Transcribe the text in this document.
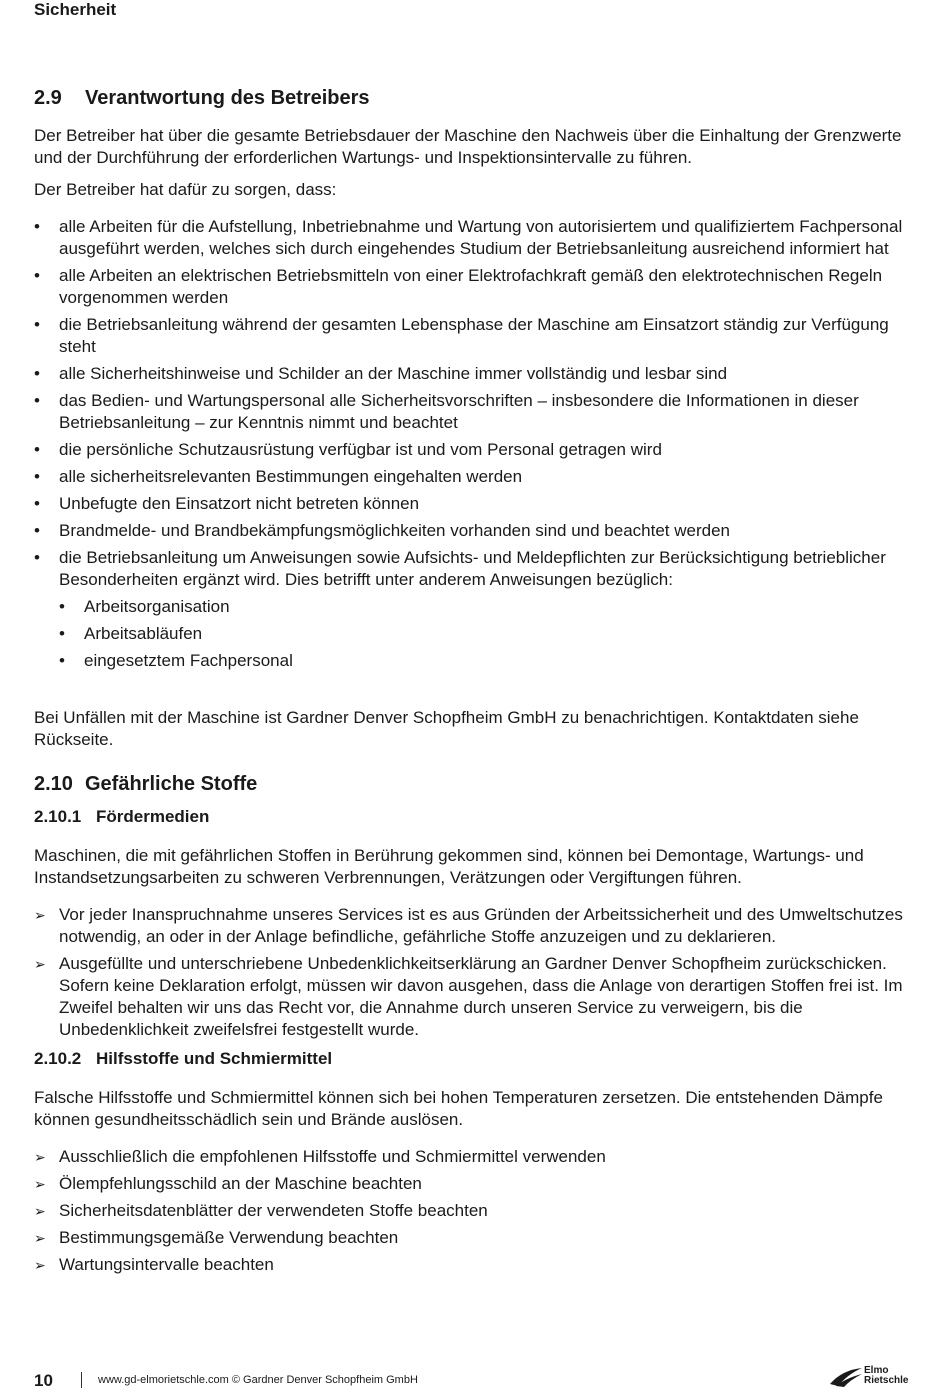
Sicherheit
2.9 Verantwortung des Betreibers

Der Betreiber hat über die gesamte Betriebsdauer der Maschine den Nachweis über die Einhaltung der Grenzwerte und der Durchführung der erforderlichen Wartungs- und Inspektionsintervalle zu führen.

Der Betreiber hat dafür zu sorgen, dass:

•
alle Arbeiten für die Aufstellung, Inbetriebnahme und Wartung von autorisiertem und qualifiziertem Fachpersonal ausgeführt werden, welches sich durch eingehendes Studium der Betriebsanleitung ausreichend informiert hat
•
alle Arbeiten an elektrischen Betriebsmitteln von einer Elektrofachkraft gemäß den elektrotechnischen Regeln vorgenommen werden
•
die Betriebsanleitung während der gesamten Lebensphase der Maschine am Einsatzort ständig zur Verfügung steht
•
alle Sicherheitshinweise und Schilder an der Maschine immer vollständig und lesbar sind
•
das Bedien- und Wartungspersonal alle Sicherheitsvorschriften – insbesondere die Informationen in dieser Betriebsanleitung – zur Kenntnis nimmt und beachtet
•
die persönliche Schutzausrüstung verfügbar ist und vom Personal getragen wird
•
alle sicherheitsrelevanten Bestimmungen eingehalten werden
•
Unbefugte den Einsatzort nicht betreten können
•
Brandmelde- und Brandbekämpfungsmöglichkeiten vorhanden sind und beachtet werden
•
die Betriebsanleitung um Anweisungen sowie Aufsichts- und Meldepflichten zur Berücksichtigung betrieblicher Besonderheiten ergänzt wird. Dies betrifft unter anderem Anweisungen bezüglich:
•
Arbeitsorganisation
•
Arbeitsabläufen
•
eingesetztem Fachpersonal

Bei Unfällen mit der Maschine ist Gardner Denver Schopfheim GmbH zu benachrichtigen. Kontaktdaten siehe Rückseite.

2.10 Gefährliche Stoffe
2.10.1 Fördermedien

Maschinen, die mit gefährlichen Stoffen in Berührung gekommen sind, können bei Demontage, Wartungs- und Instandsetzungsarbeiten zu schweren Verbrennungen, Verätzungen oder Vergiftungen führen.

➢ Vor jeder Inanspruchnahme unseres Services ist es aus Gründen der Arbeitssicherheit und des Umweltschutzes notwendig, an oder in der Anlage befindliche, gefährliche Stoffe anzuzeigen und zu deklarieren.
➢ Ausgefüllte und unterschriebene Unbedenklichkeitserklärung an Gardner Denver Schopfheim zurückschicken. Sofern keine Deklaration erfolgt, müssen wir davon ausgehen, dass die Anlage von derartigen Stoffen frei ist. Im Zweifel behalten wir uns das Recht vor, die Annahme durch unseren Service zu verweigern, bis die Unbedenklichkeit zweifelsfrei festgestellt wurde.
2.10.2 Hilfsstoffe und Schmiermittel

Falsche Hilfsstoffe und Schmiermittel können sich bei hohen Temperaturen zersetzen. Die entstehenden Dämpfe können gesundheitsschädlich sein und Brände auslösen.

➢ Ausschließlich die empfohlenen Hilfsstoffe und Schmiermittel verwenden
➢ Ölempfehlungsschild an der Maschine beachten
➢ Sicherheitsdatenblätter der verwendeten Stoffe beachten
➢ Bestimmungsgemäße Verwendung beachten
➢ Wartungsintervalle beachten
10	www.gd-elmorietschle.com © Gardner Denver Schopfheim GmbH
Elmo
Rietschle
